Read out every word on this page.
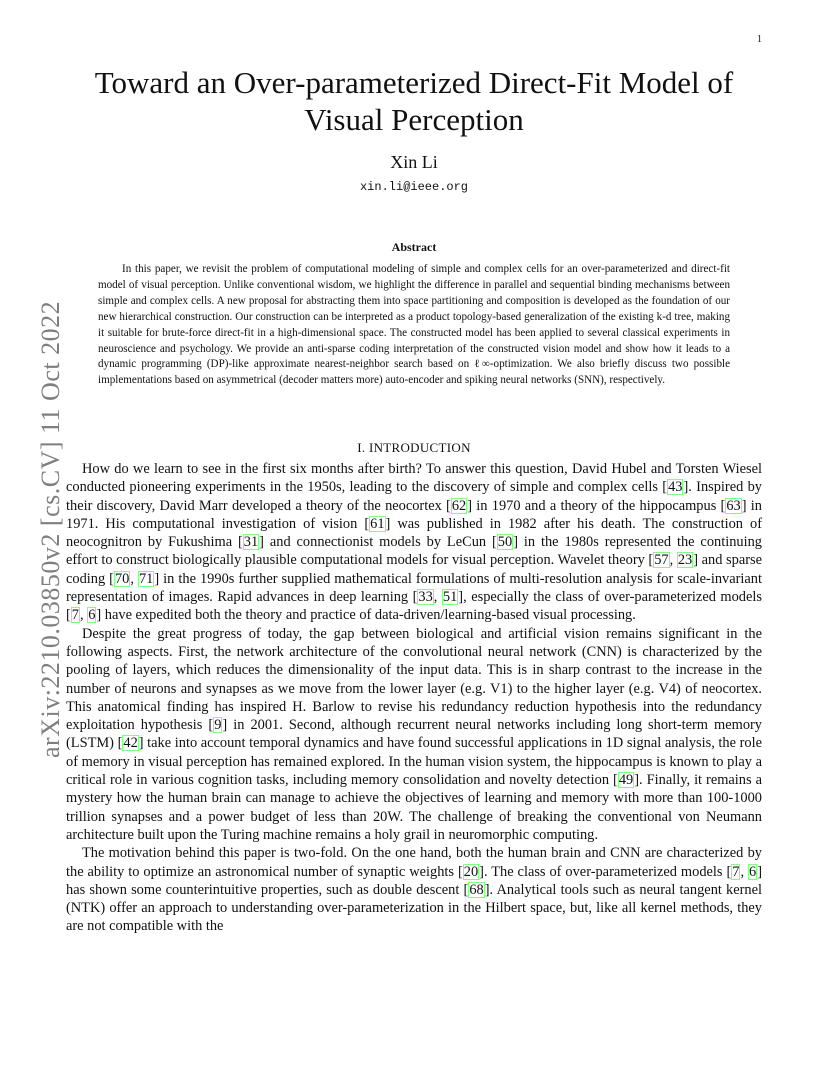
1
arXiv:2210.03850v2 [cs.CV] 11 Oct 2022
Toward an Over-parameterized Direct-Fit Model of
Visual Perception
Xin Li
xin.li@ieee.org
Abstract

In this paper, we revisit the problem of computational modeling of simple and complex cells for an over-parameterized and direct-fit model of visual perception. Unlike conventional wisdom, we highlight the difference in parallel and sequential binding mechanisms between simple and complex cells. A new proposal for abstracting them into space partitioning and composition is developed as the foundation of our new hierarchical construction. Our construction can be interpreted as a product topology-based generalization of the existing k-d tree, making it suitable for brute-force direct-fit in a high-dimensional space. The constructed model has been applied to several classical experiments in neuroscience and psychology. We provide an anti-sparse coding interpretation of the constructed vision model and show how it leads to a dynamic programming (DP)-like approximate nearest-neighbor search based on ℓ∞-optimization. We also briefly discuss two possible implementations based on asymmetrical (decoder matters more) auto-encoder and spiking neural networks (SNN), respectively.

I. INTRODUCTION

How do we learn to see in the first six months after birth? To answer this question, David Hubel and Torsten Wiesel conducted pioneering experiments in the 1950s, leading to the discovery of simple and complex cells [43]. Inspired by their discovery, David Marr developed a theory of the neocortex [62] in 1970 and a theory of the hippocampus [63] in 1971. His computational investigation of vision [61] was published in 1982 after his death. The construction of neocognitron by Fukushima [31] and connectionist models by LeCun [50] in the 1980s represented the continuing effort to construct biologically plausible computational models for visual perception. Wavelet theory [57, 23] and sparse coding [70, 71] in the 1990s further supplied mathematical formulations of multi-resolution analysis for scale-invariant representation of images. Rapid advances in deep learning [33, 51], especially the class of over-parameterized models [7, 6] have expedited both the theory and practice of data-driven/learning-based visual processing.

Despite the great progress of today, the gap between biological and artificial vision remains significant in the following aspects. First, the network architecture of the convolutional neural network (CNN) is characterized by the pooling of layers, which reduces the dimensionality of the input data. This is in sharp contrast to the increase in the number of neurons and synapses as we move from the lower layer (e.g. V1) to the higher layer (e.g. V4) of neocortex. This anatomical finding has inspired H. Barlow to revise his redundancy reduction hypothesis into the redundancy exploitation hypothesis [9] in 2001. Second, although recurrent neural networks including long short-term memory (LSTM) [42] take into account temporal dynamics and have found successful applications in 1D signal analysis, the role of memory in visual perception has remained explored. In the human vision system, the hippocampus is known to play a critical role in various cognition tasks, including memory consolidation and novelty detection [49]. Finally, it remains a mystery how the human brain can manage to achieve the objectives of learning and memory with more than 100-1000 trillion synapses and a power budget of less than 20W. The challenge of breaking the conventional von Neumann architecture built upon the Turing machine remains a holy grail in neuromorphic computing.

The motivation behind this paper is two-fold. On the one hand, both the human brain and CNN are characterized by the ability to optimize an astronomical number of synaptic weights [20]. The class of over-parameterized models [7, 6] has shown some counterintuitive properties, such as double descent [68]. Analytical tools such as neural tangent kernel (NTK) offer an approach to understanding over-parameterization in the Hilbert space, but, like all kernel methods, they are not compatible with the
